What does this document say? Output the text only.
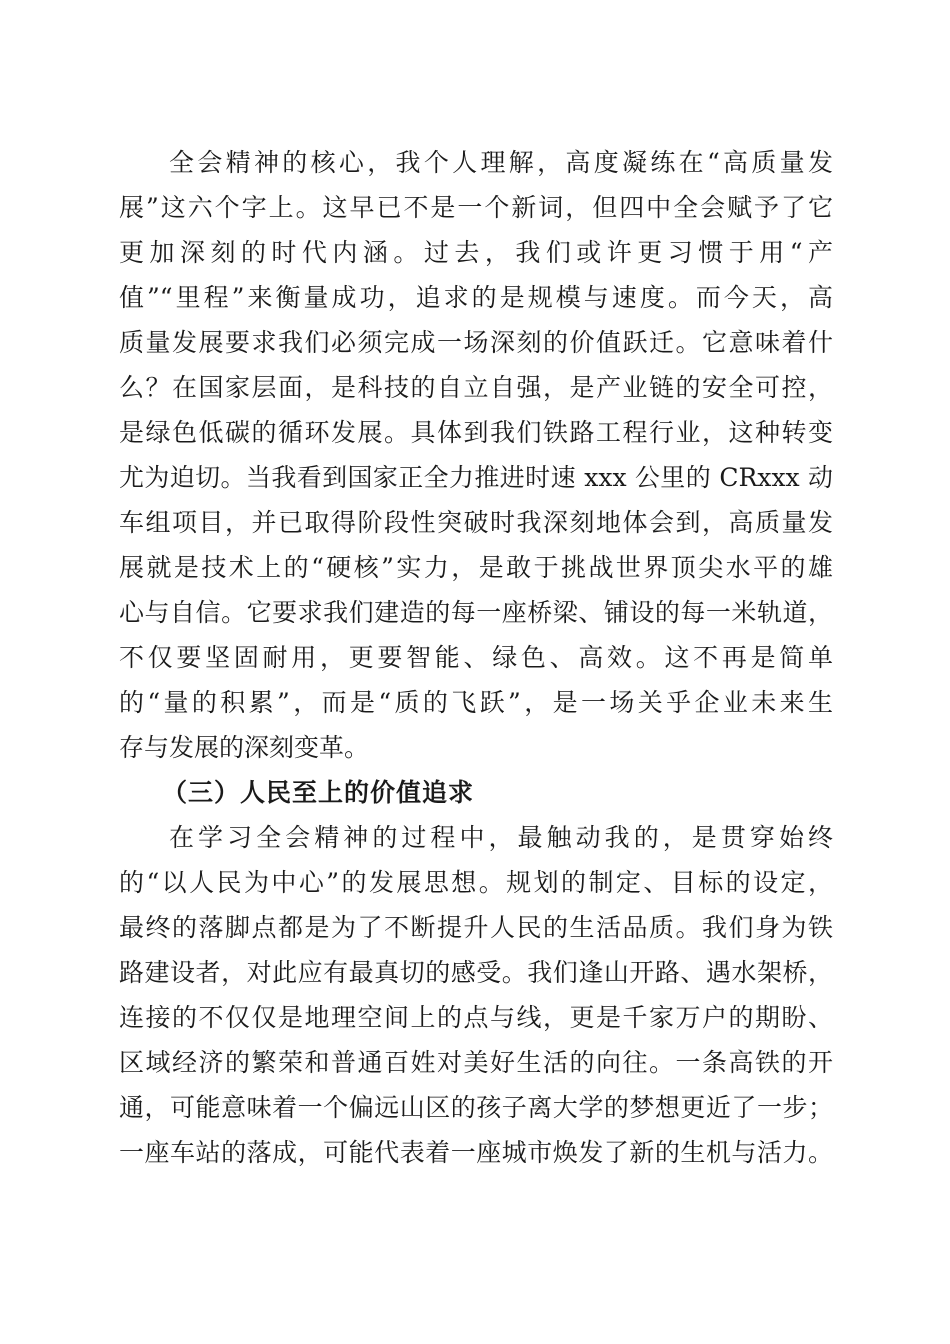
全会精神的核心，我个人理解，高度凝练在“高质量发

展”这六个字上。这早已不是一个新词，但四中全会赋予了它

更加深刻的时代内涵。过去，我们或许更习惯于用“产

值”“里程”来衡量成功，追求的是规模与速度。而今天，高

质量发展要求我们必须完成一场深刻的价值跃迁。它意味着什

么？在国家层面，是科技的自立自强，是产业链的安全可控，

是绿色低碳的循环发展。具体到我们铁路工程行业，这种转变

尤为迫切。当我看到国家正全力推进时速 xxx 公里的 CRxxx 动

车组项目，并已取得阶段性突破时我深刻地体会到，高质量发

展就是技术上的“硬核”实力，是敢于挑战世界顶尖水平的雄

心与自信。它要求我们建造的每一座桥梁、铺设的每一米轨道，

不仅要坚固耐用，更要智能、绿色、高效。这不再是简单

的“量的积累”，而是“质的飞跃”，是一场关乎企业未来生

存与发展的深刻变革。

（三）人民至上的价值追求

在学习全会精神的过程中，最触动我的，是贯穿始终

的“以人民为中心”的发展思想。规划的制定、目标的设定，

最终的落脚点都是为了不断提升人民的生活品质。我们身为铁

路建设者，对此应有最真切的感受。我们逢山开路、遇水架桥，

连接的不仅仅是地理空间上的点与线，更是千家万户的期盼、

区域经济的繁荣和普通百姓对美好生活的向往。一条高铁的开

通，可能意味着一个偏远山区的孩子离大学的梦想更近了一步；

一座车站的落成，可能代表着一座城市焕发了新的生机与活力。
